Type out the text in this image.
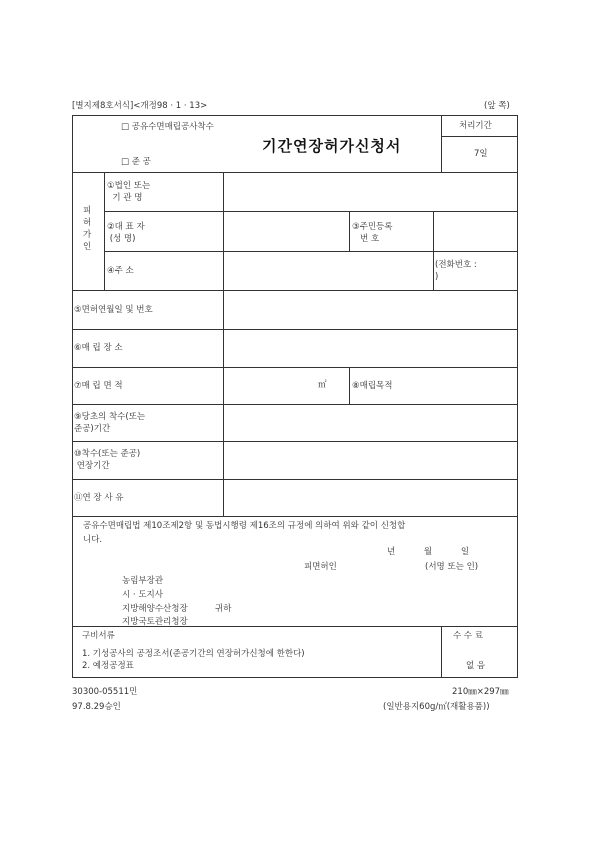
[별지제8호서식]<개정98 · 1 · 13>	(앞 쪽)
□ 공유수면매립공사착수
□ 준 공
기간연장허가신청서
처리기간
7일
피
허
가
인
①법인 또는
기 관 명
②대 표 자
(성 명)
③주민등록
번 호
④주 소
(전화번호 :
)
⑤면허연월일 및 번호
⑥매 립 장 소
⑦매 립 면 적	㎡	⑧매립목적
⑨당초의 착수(또는
준공)기간
⑩착수(또는 준공)
연장기간
⑪연 장 사 유
공유수면매립법 제10조제2항 및 동법시행령 제16조의 규정에 의하여 위와 같이 신청합
니다.
년 월 일
피면허인	(서명 또는 인)
농림부장관
시 · 도지사
지방해양수산청장
지방국토관리청장
귀하
구비서류
1. 기성공사의 공정조서(준공기간의 연장허가신청에 한한다)
2. 예정공정표
수 수 료
없 음
30300-05511민
97.8.29승인
210㎜×297㎜
(일반용지60g/㎡(재활용품))
